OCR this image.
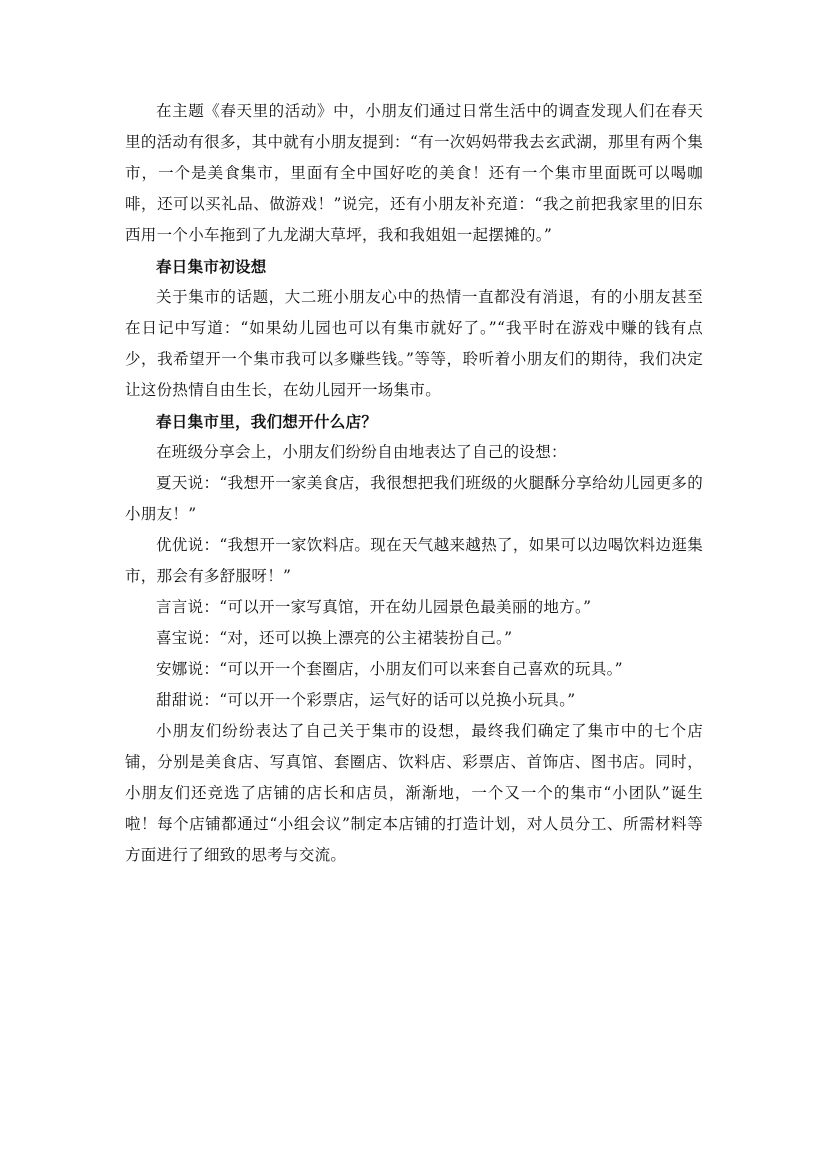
在主题《春天里的活动》中，小朋友们通过日常生活中的调查发现人们在春天里的活动有很多，其中就有小朋友提到：“有一次妈妈带我去玄武湖，那里有两个集市，一个是美食集市，里面有全中国好吃的美食！还有一个集市里面既可以喝咖啡，还可以买礼品、做游戏！”说完，还有小朋友补充道：“我之前把我家里的旧东西用一个小车拖到了九龙湖大草坪，我和我姐姐一起摆摊的。”

春日集市初设想

关于集市的话题，大二班小朋友心中的热情一直都没有消退，有的小朋友甚至在日记中写道：“如果幼儿园也可以有集市就好了。”“我平时在游戏中赚的钱有点少，我希望开一个集市我可以多赚些钱。”等等，聆听着小朋友们的期待，我们决定让这份热情自由生长，在幼儿园开一场集市。

春日集市里，我们想开什么店？

在班级分享会上，小朋友们纷纷自由地表达了自己的设想：

夏天说：“我想开一家美食店，我很想把我们班级的火腿酥分享给幼儿园更多的小朋友！”

优优说：“我想开一家饮料店。现在天气越来越热了，如果可以边喝饮料边逛集市，那会有多舒服呀！”

言言说：“可以开一家写真馆，开在幼儿园景色最美丽的地方。”

喜宝说：“对，还可以换上漂亮的公主裙装扮自己。”

安娜说：“可以开一个套圈店，小朋友们可以来套自己喜欢的玩具。”

甜甜说：“可以开一个彩票店，运气好的话可以兑换小玩具。”

小朋友们纷纷表达了自己关于集市的设想，最终我们确定了集市中的七个店铺，分别是美食店、写真馆、套圈店、饮料店、彩票店、首饰店、图书店。同时，小朋友们还竞选了店铺的店长和店员，渐渐地，一个又一个的集市“小团队”诞生啦！每个店铺都通过“小组会议”制定本店铺的打造计划，对人员分工、所需材料等方面进行了细致的思考与交流。
